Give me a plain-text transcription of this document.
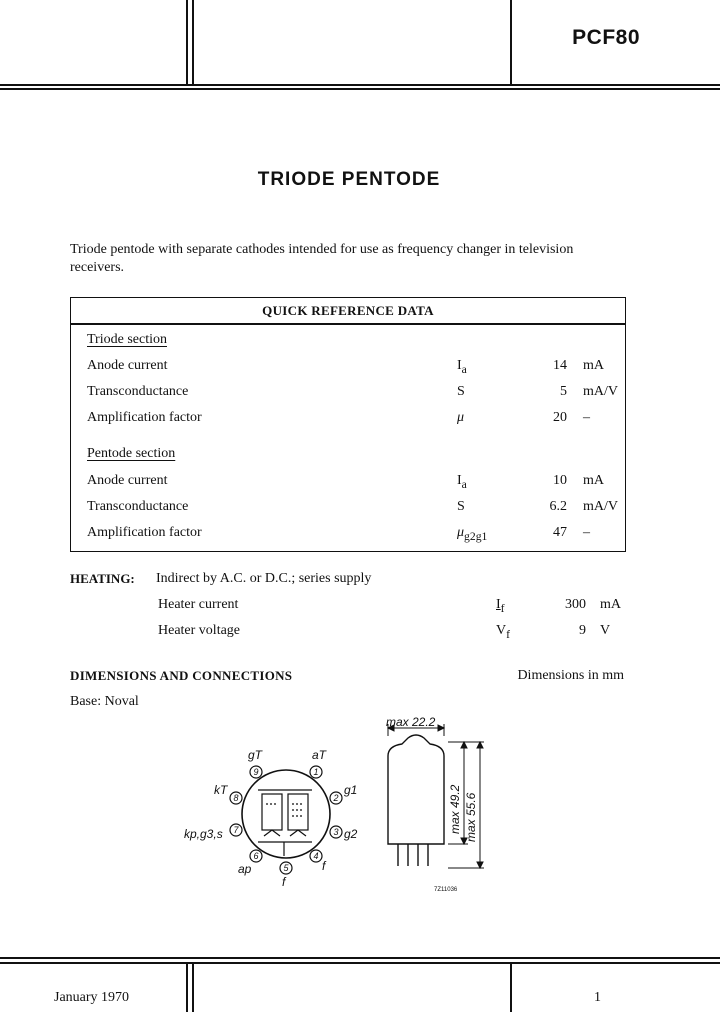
PCF80
TRIODE PENTODE
Triode pentode with separate cathodes intended for use as frequency changer in television receivers.
QUICK REFERENCE DATA
Triode section
Anode current	$I_a$	14 mA
Transconductance	S	5 mA/V
Amplification factor	μ	20 –
Pentode section
Anode current	$I_a$	10 mA
Transconductance	S	6.2 mA/V
Amplification factor	$\mu_{g2g1}$	47 –
HEATING: Indirect by A.C. or D.C.; series supply
Heater current	$I_f$	300 mA
Heater voltage	$V_f$	9 V
DIMENSIONS AND CONNECTIONS	Dimensions in mm
Base: Noval
9	1
2
3
4
5
6
7
8
gT	aT
g1
g2
kT
kp,g3,s
ap
f
f
max 22.2
max 49.2 max 55.6
7Z11036
January 1970	1
